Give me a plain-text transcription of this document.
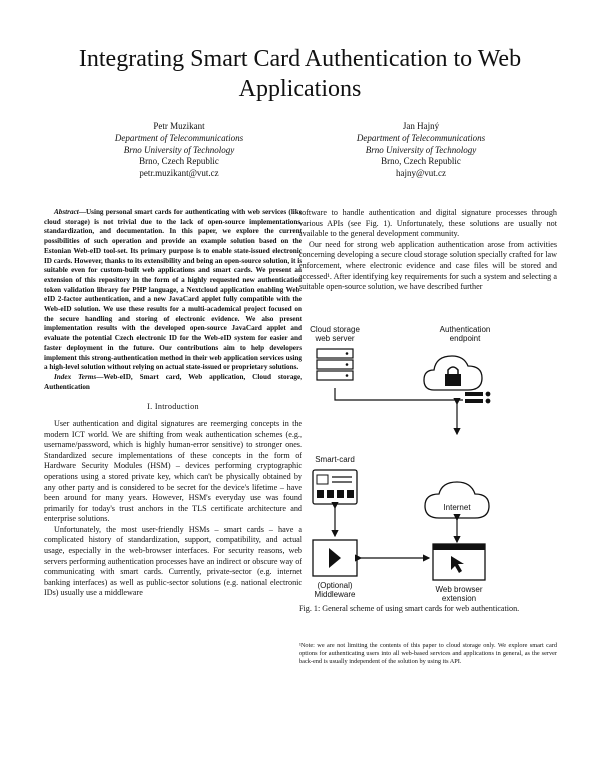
Integrating Smart Card Authentication to Web Applications
Petr Muzikant
Department of Telecommunications
Brno University of Technology
Brno, Czech Republic
petr.muzikant@vut.cz
Jan Hajný
Department of Telecommunications
Brno University of Technology
Brno, Czech Republic
hajny@vut.cz

Abstract—Using personal smart cards for authenticating with web services (like cloud storage) is not trivial due to the lack of open-source implementations, standardization, and documentation. In this paper, we explore the current possibilities of such operation and provide an example solution based on the Estonian Web-eID tool-set. Its primary purpose is to enable state-issued electronic ID cards. However, thanks to its extensibility and being an open-source solution, it is suitable even for custom-built web applications and smart cards. We present an extension of this repository in the form of a highly requested new authentication token validation library for PHP language, a Nextcloud application enabling Web-eID 2-factor authentication, and a new JavaCard applet fully compatible with the Web-eID solution. We use these results for a multi-academical project focused on the secure handling and storing of electronic evidence. We also present implementation results with the developed open-source JavaCard applet and evaluate the potential Czech electronic ID for the Web-eID system for easier and faster deployment in the future. Our contributions aim to help developers implement this strong-authentication method in their web application services using a high-level solution without relying on actual state-issued or proprietary solutions.

Index Terms—Web-eID, Smart card, Web application, Cloud storage, Authentication

I. Introduction

User authentication and digital signatures are reemerging concepts in the modern ICT world. We are shifting from weak authentication schemes (e.g., username/password, which is highly human-error sensitive) to stronger ones. Standardized secure implementations of these concepts in the form of Hardware Security Modules (HSM) – devices performing cryptographic operations using a stored private key, which can't be physically obtained by any other party and is considered to be secret for the device's lifetime – have been around for many years. However, HSM's everyday use was found primarily for today's trust anchors in the TLS certificate architecture and enterprise solutions.

Unfortunately, the most user-friendly HSMs – smart cards – have a complicated history of standardization, support, compatibility, and actual usage, especially in the web-browser interfaces. For security reasons, web servers performing authentication processes have an indirect or obscure way of communicating with smart cards. Currently, private-sector (e.g. internet banking interfaces) as well as public-sector solutions (e.g. national electronic IDs) usually use a middleware

software to handle authentication and digital signature processes through various APIs (see Fig. 1). Unfortunately, these solutions are usually not available to the general development community.

Our need for strong web application authentication arose from activities concerning developing a secure cloud storage solution specially crafted for law enforcement, where electronic evidence and case files will be stored and accessed¹. After identifying key requirements for such a system and selecting a suitable open-source solution, we have described further

Cloud storage
web server
Authentication
endpoint
Smart-card
Internet
(Optional)
Middleware
Web browser
extension
Fig. 1: General scheme of using smart cards for web authentication.
¹Note: we are not limiting the contents of this paper to cloud storage only. We explore smart card options for authenticating users into all web-based services and applications in general, as the server back-end is usually independent of the solution by using its API.
